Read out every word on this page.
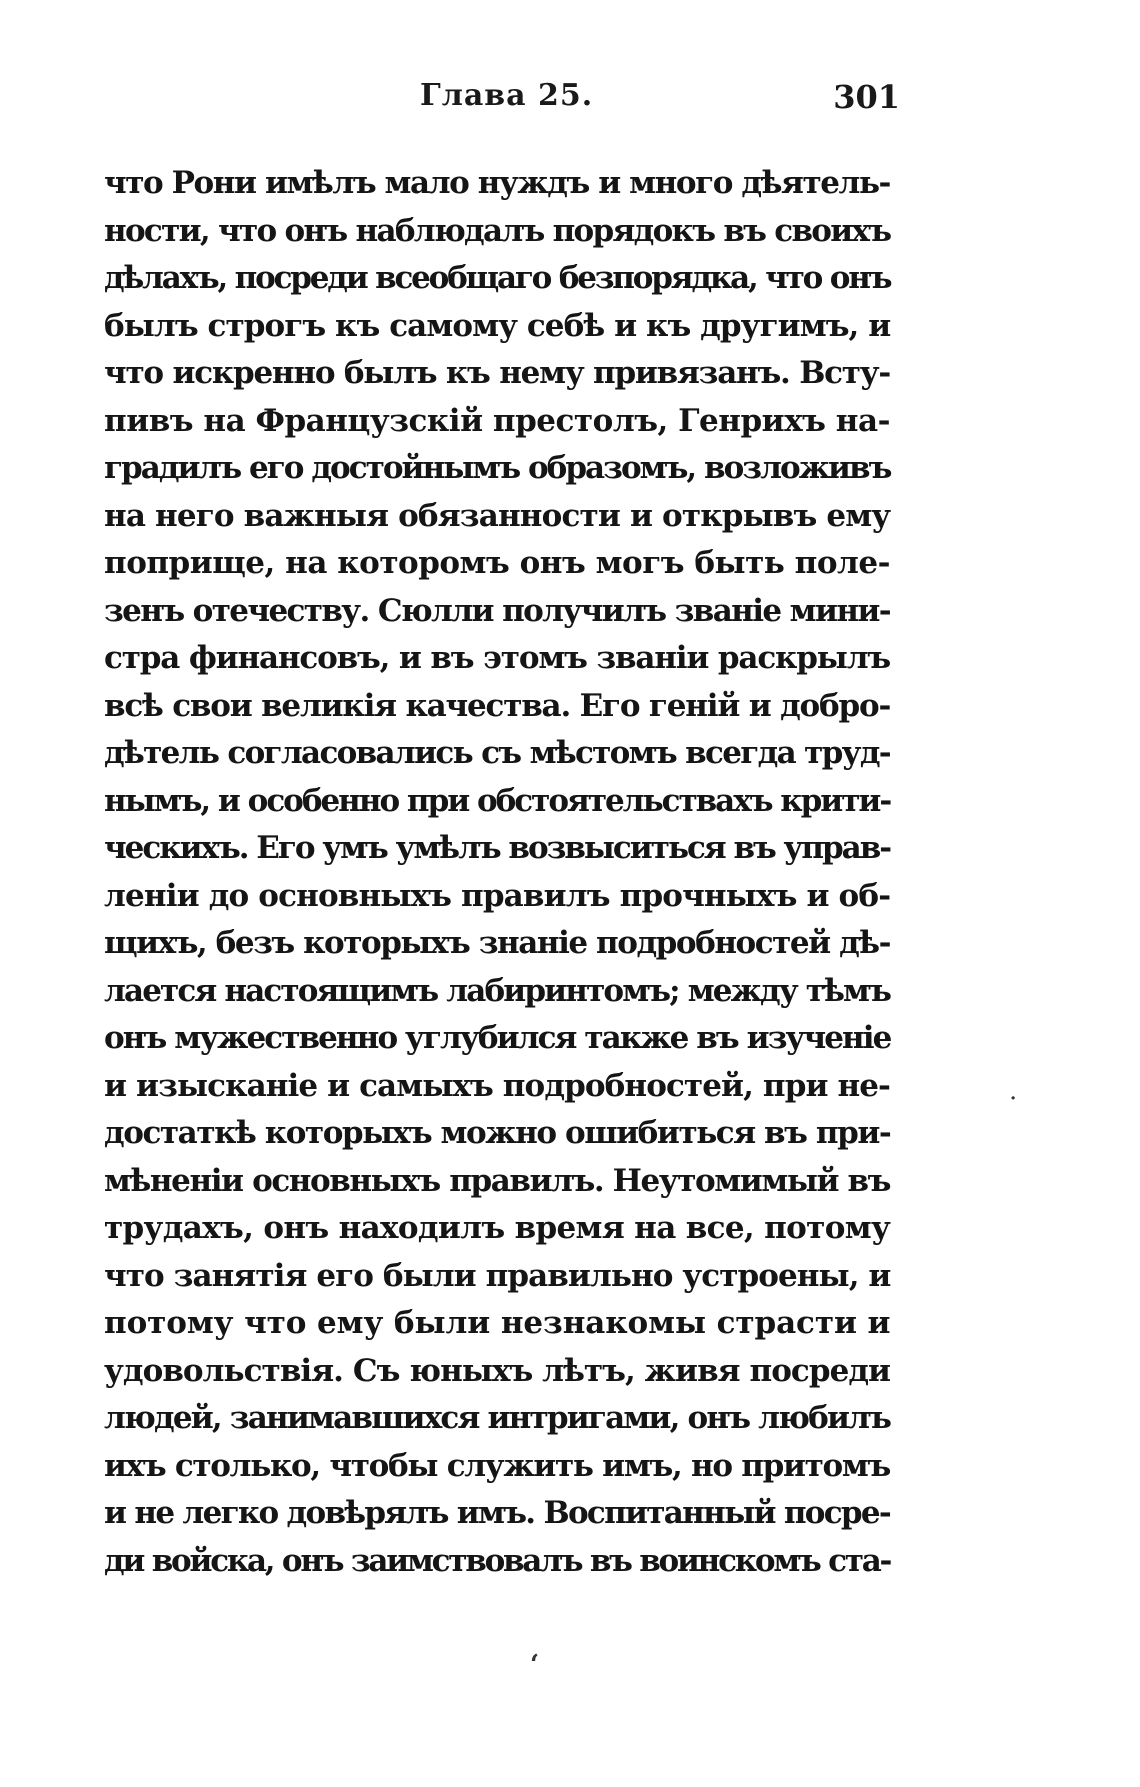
Глава 25.	301
что Рони имѣлъ мало нуждъ и много дѣятель-
ности, что онъ наблюдалъ порядокъ въ своихъ
дѣлахъ, посреди всеобщаго безпорядка, что онъ
былъ строгъ къ самому себѣ и къ другимъ, и
что искренно былъ къ нему привязанъ. Всту-
пивъ на Французскій престолъ, Генрихъ на-
градилъ его достойнымъ образомъ, возложивъ
на него важныя обязанности и открывъ ему
поприще, на которомъ онъ могъ быть поле-
зенъ отечеству. Сюлли получилъ званіе мини-
стра финансовъ, и въ этомъ званіи раскрылъ
всѣ свои великія качества. Его геній и добро-
дѣтель согласовались съ мѣстомъ всегда труд-
нымъ, и особенно при обстоятельствахъ крити-
ческихъ. Его умъ умѣлъ возвыситься въ управ-
леніи до основныхъ правилъ прочныхъ и об-
щихъ, безъ которыхъ знаніе подробностей дѣ-
лается настоящимъ лабиринтомъ; между тѣмъ
онъ мужественно углубился также въ изученіе
и изысканіе и самыхъ подробностей, при не-
достаткѣ которыхъ можно ошибиться въ при-
мѣненіи основныхъ правилъ. Неутомимый въ
трудахъ, онъ находилъ время на все, потому
что занятія его были правильно устроены, и
потому что ему были незнакомы страсти и
удовольствія. Съ юныхъ лѣтъ, живя посреди
людей, занимавшихся интригами, онъ любилъ
ихъ столько, чтобы служить имъ, но притомъ
и не легко довѣрялъ имъ. Воспитанный посре-
ди войска, онъ заимствовалъ въ воинскомъ ста-
ʻ
·
